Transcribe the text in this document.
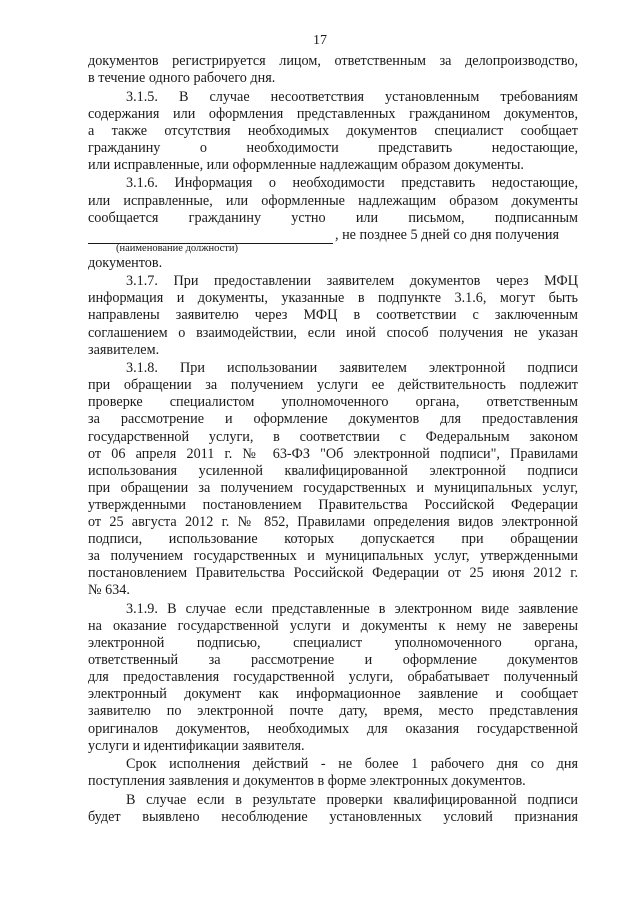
17
документов регистрируется лицом, ответственным за делопроизводство,
в течение одного рабочего дня.
3.1.5. В случае несоответствия установленным требованиям
содержания или оформления представленных гражданином документов,
а также отсутствия необходимых документов специалист сообщает
гражданину о необходимости представить недостающие,
или исправленные, или оформленные надлежащим образом документы.
3.1.6. Информация о необходимости представить недостающие,
или исправленные, или оформленные надлежащим образом документы
сообщается гражданину устно или письмом, подписанным
, не позднее 5 дней со дня получения
(наименование должности)
документов.
3.1.7. При предоставлении заявителем документов через МФЦ
информация и документы, указанные в подпункте 3.1.6, могут быть
направлены заявителю через МФЦ в соответствии с заключенным
соглашением о взаимодействии, если иной способ получения не указан
заявителем.
3.1.8. При использовании заявителем электронной подписи
при обращении за получением услуги ее действительность подлежит
проверке специалистом уполномоченного органа, ответственным
за рассмотрение и оформление документов для предоставления
государственной услуги, в соответствии с Федеральным законом
от 06 апреля 2011 г. № 63-ФЗ "Об электронной подписи", Правилами
использования усиленной квалифицированной электронной подписи
при обращении за получением государственных и муниципальных услуг,
утвержденными постановлением Правительства Российской Федерации
от 25 августа 2012 г. № 852, Правилами определения видов электронной
подписи, использование которых допускается при обращении
за получением государственных и муниципальных услуг, утвержденными
постановлением Правительства Российской Федерации от 25 июня 2012 г.
№ 634.
3.1.9. В случае если представленные в электронном виде заявление
на оказание государственной услуги и документы к нему не заверены
электронной подписью, специалист уполномоченного органа,
ответственный за рассмотрение и оформление документов
для предоставления государственной услуги, обрабатывает полученный
электронный документ как информационное заявление и сообщает
заявителю по электронной почте дату, время, место представления
оригиналов документов, необходимых для оказания государственной
услуги и идентификации заявителя.
Срок исполнения действий - не более 1 рабочего дня со дня
поступления заявления и документов в форме электронных документов.
В случае если в результате проверки квалифицированной подписи
будет выявлено несоблюдение установленных условий признания
